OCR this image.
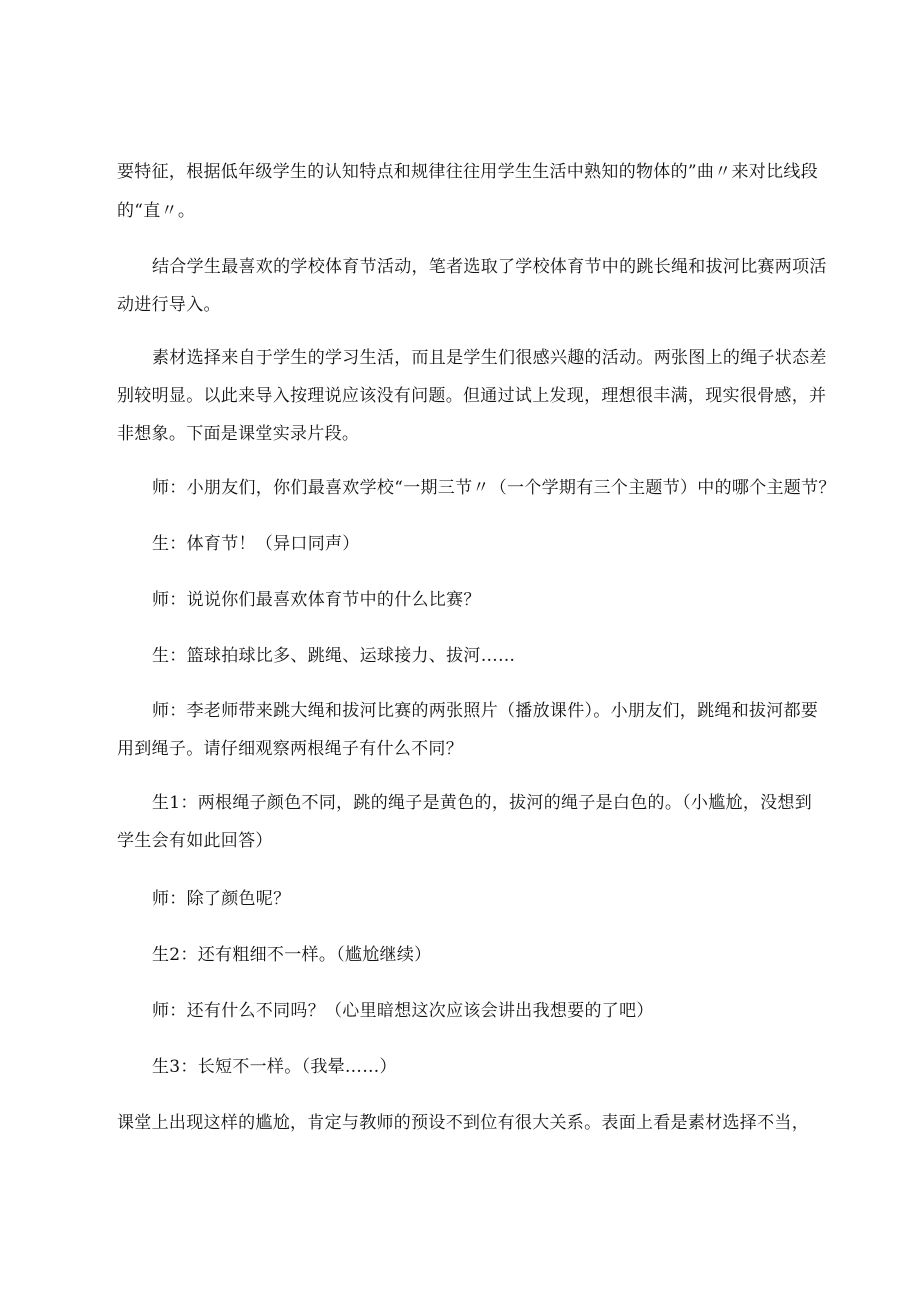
要特征，根据低年级学生的认知特点和规律往往用学生生活中熟知的物体的”曲〃来对比线段
的“直〃。
结合学生最喜欢的学校体育节活动，笔者选取了学校体育节中的跳长绳和拔河比赛两项活
动进行导入。
素材选择来自于学生的学习生活，而且是学生们很感兴趣的活动。两张图上的绳子状态差
别较明显。以此来导入按理说应该没有问题。但通过试上发现，理想很丰满，现实很骨感，并
非想象。下面是课堂实录片段。
师：小朋友们，你们最喜欢学校“一期三节〃（一个学期有三个主题节）中的哪个主题节？
生：体育节！（异口同声）
师：说说你们最喜欢体育节中的什么比赛？
生：篮球拍球比多、跳绳、运球接力、拔河……
师：李老师带来跳大绳和拔河比赛的两张照片（播放课件）。小朋友们，跳绳和拔河都要
用到绳子。请仔细观察两根绳子有什么不同？
生1：两根绳子颜色不同，跳的绳子是黄色的，拔河的绳子是白色的。（小尴尬，没想到
学生会有如此回答）
师：除了颜色呢？
生2：还有粗细不一样。（尴尬继续）
师：还有什么不同吗？（心里暗想这次应该会讲出我想要的了吧）
生3：长短不一样。（我晕……）
课堂上出现这样的尴尬，肯定与教师的预设不到位有很大关系。表面上看是素材选择不当，
